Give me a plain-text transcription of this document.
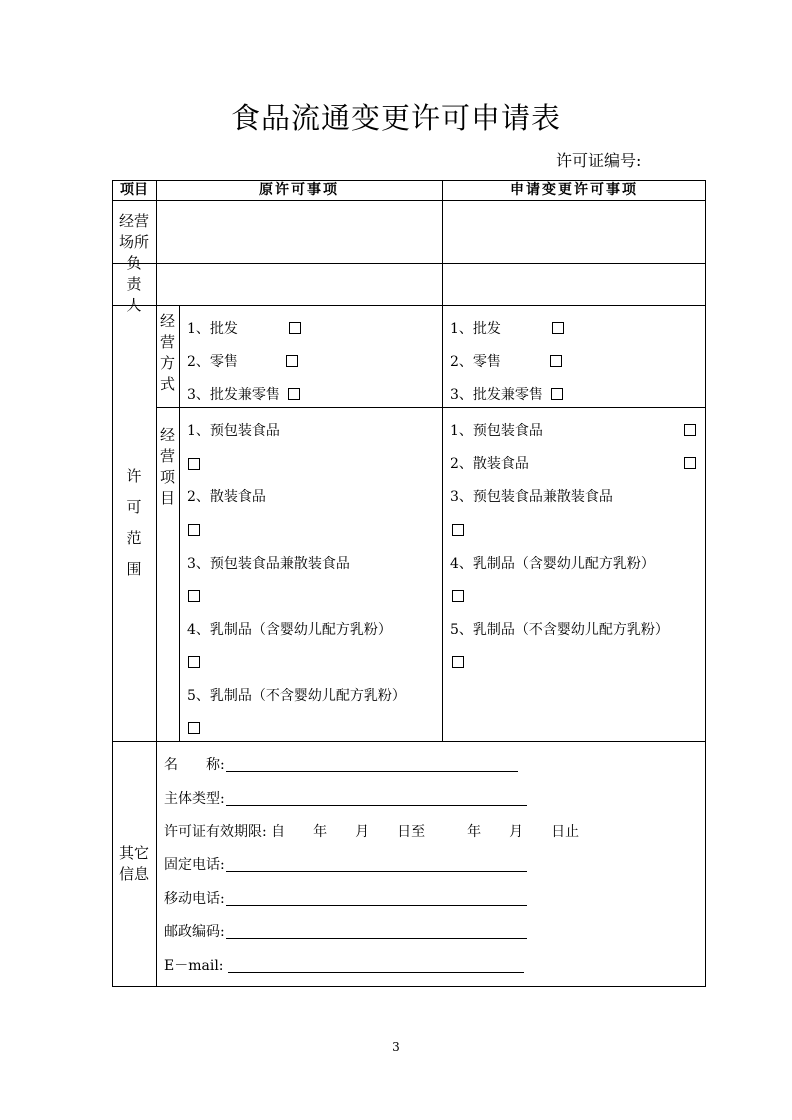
食品流通变更许可申请表
许可证编号:
项目	原许可事项	申请变更许可事项
经营场所
负责人
许可范围
经营方式
经营项目
其它信息
1、批发
2、零售
3、批发兼零售
1、批发
2、零售
3、批发兼零售
1、预包装食品
2、散装食品
3、预包装食品兼散装食品
4、乳制品（含婴幼儿配方乳粉）
5、乳制品（不含婴幼儿配方乳粉）
1、预包装食品
2、散装食品
3、预包装食品兼散装食品
4、乳制品（含婴幼儿配方乳粉）
5、乳制品（不含婴幼儿配方乳粉）
名　　称:
主体类型:
许可证有效期限: 自　　年　　月　　日至　　　年　　月　　日止
固定电话:
移动电话:
邮政编码:
E－mail:
3
